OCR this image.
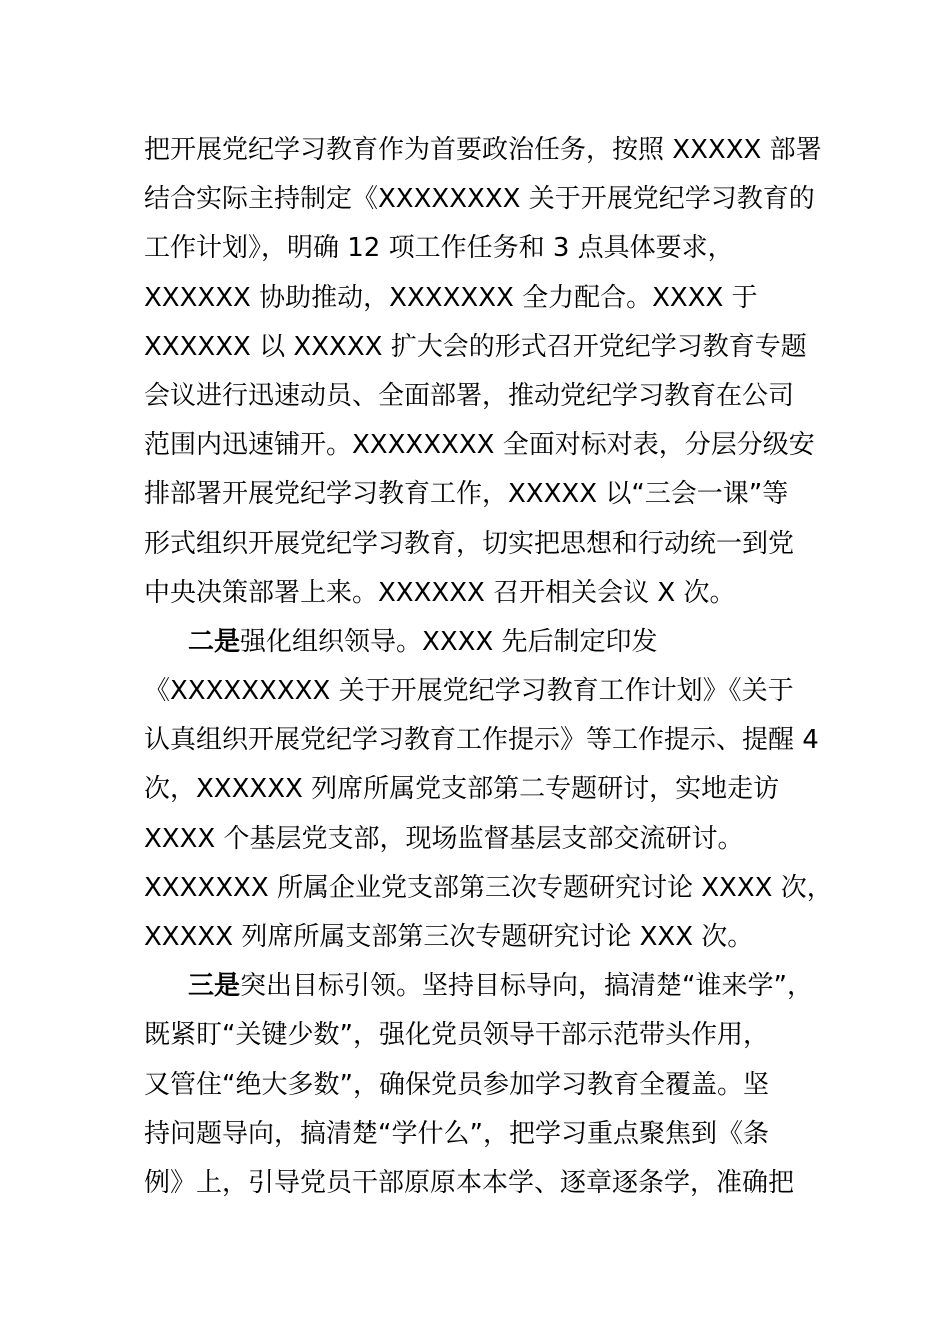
把开展党纪学习教育作为首要政治任务，按照 XXXXX 部署
结合实际主持制定《XXXXXXXX 关于开展党纪学习教育的
工作计划》，明确 12 项工作任务和 3 点具体要求，
XXXXXX 协助推动，XXXXXXX 全力配合。XXXX 于
XXXXXX 以 XXXXX 扩大会的形式召开党纪学习教育专题
会议进行迅速动员、全面部署，推动党纪学习教育在公司
范围内迅速铺开。XXXXXXXX 全面对标对表，分层分级安
排部署开展党纪学习教育工作，XXXXX 以“三会一课”等
形式组织开展党纪学习教育，切实把思想和行动统一到党
中央决策部署上来。XXXXXX 召开相关会议 X 次。
二是强化组织领导。XXXX 先后制定印发
《XXXXXXXXX 关于开展党纪学习教育工作计划》《关于
认真组织开展党纪学习教育工作提示》等工作提示、提醒 4
次，XXXXXX 列席所属党支部第二专题研讨，实地走访
XXXX 个基层党支部，现场监督基层支部交流研讨。
XXXXXXX 所属企业党支部第三次专题研究讨论 XXXX 次，
XXXXX 列席所属支部第三次专题研究讨论 XXX 次。
三是突出目标引领。坚持目标导向，搞清楚“谁来学”，
既紧盯“关键少数”，强化党员领导干部示范带头作用，
又管住“绝大多数”，确保党员参加学习教育全覆盖。坚
持问题导向，搞清楚“学什么”，把学习重点聚焦到《条
例》上，引导党员干部原原本本学、逐章逐条学，准确把
